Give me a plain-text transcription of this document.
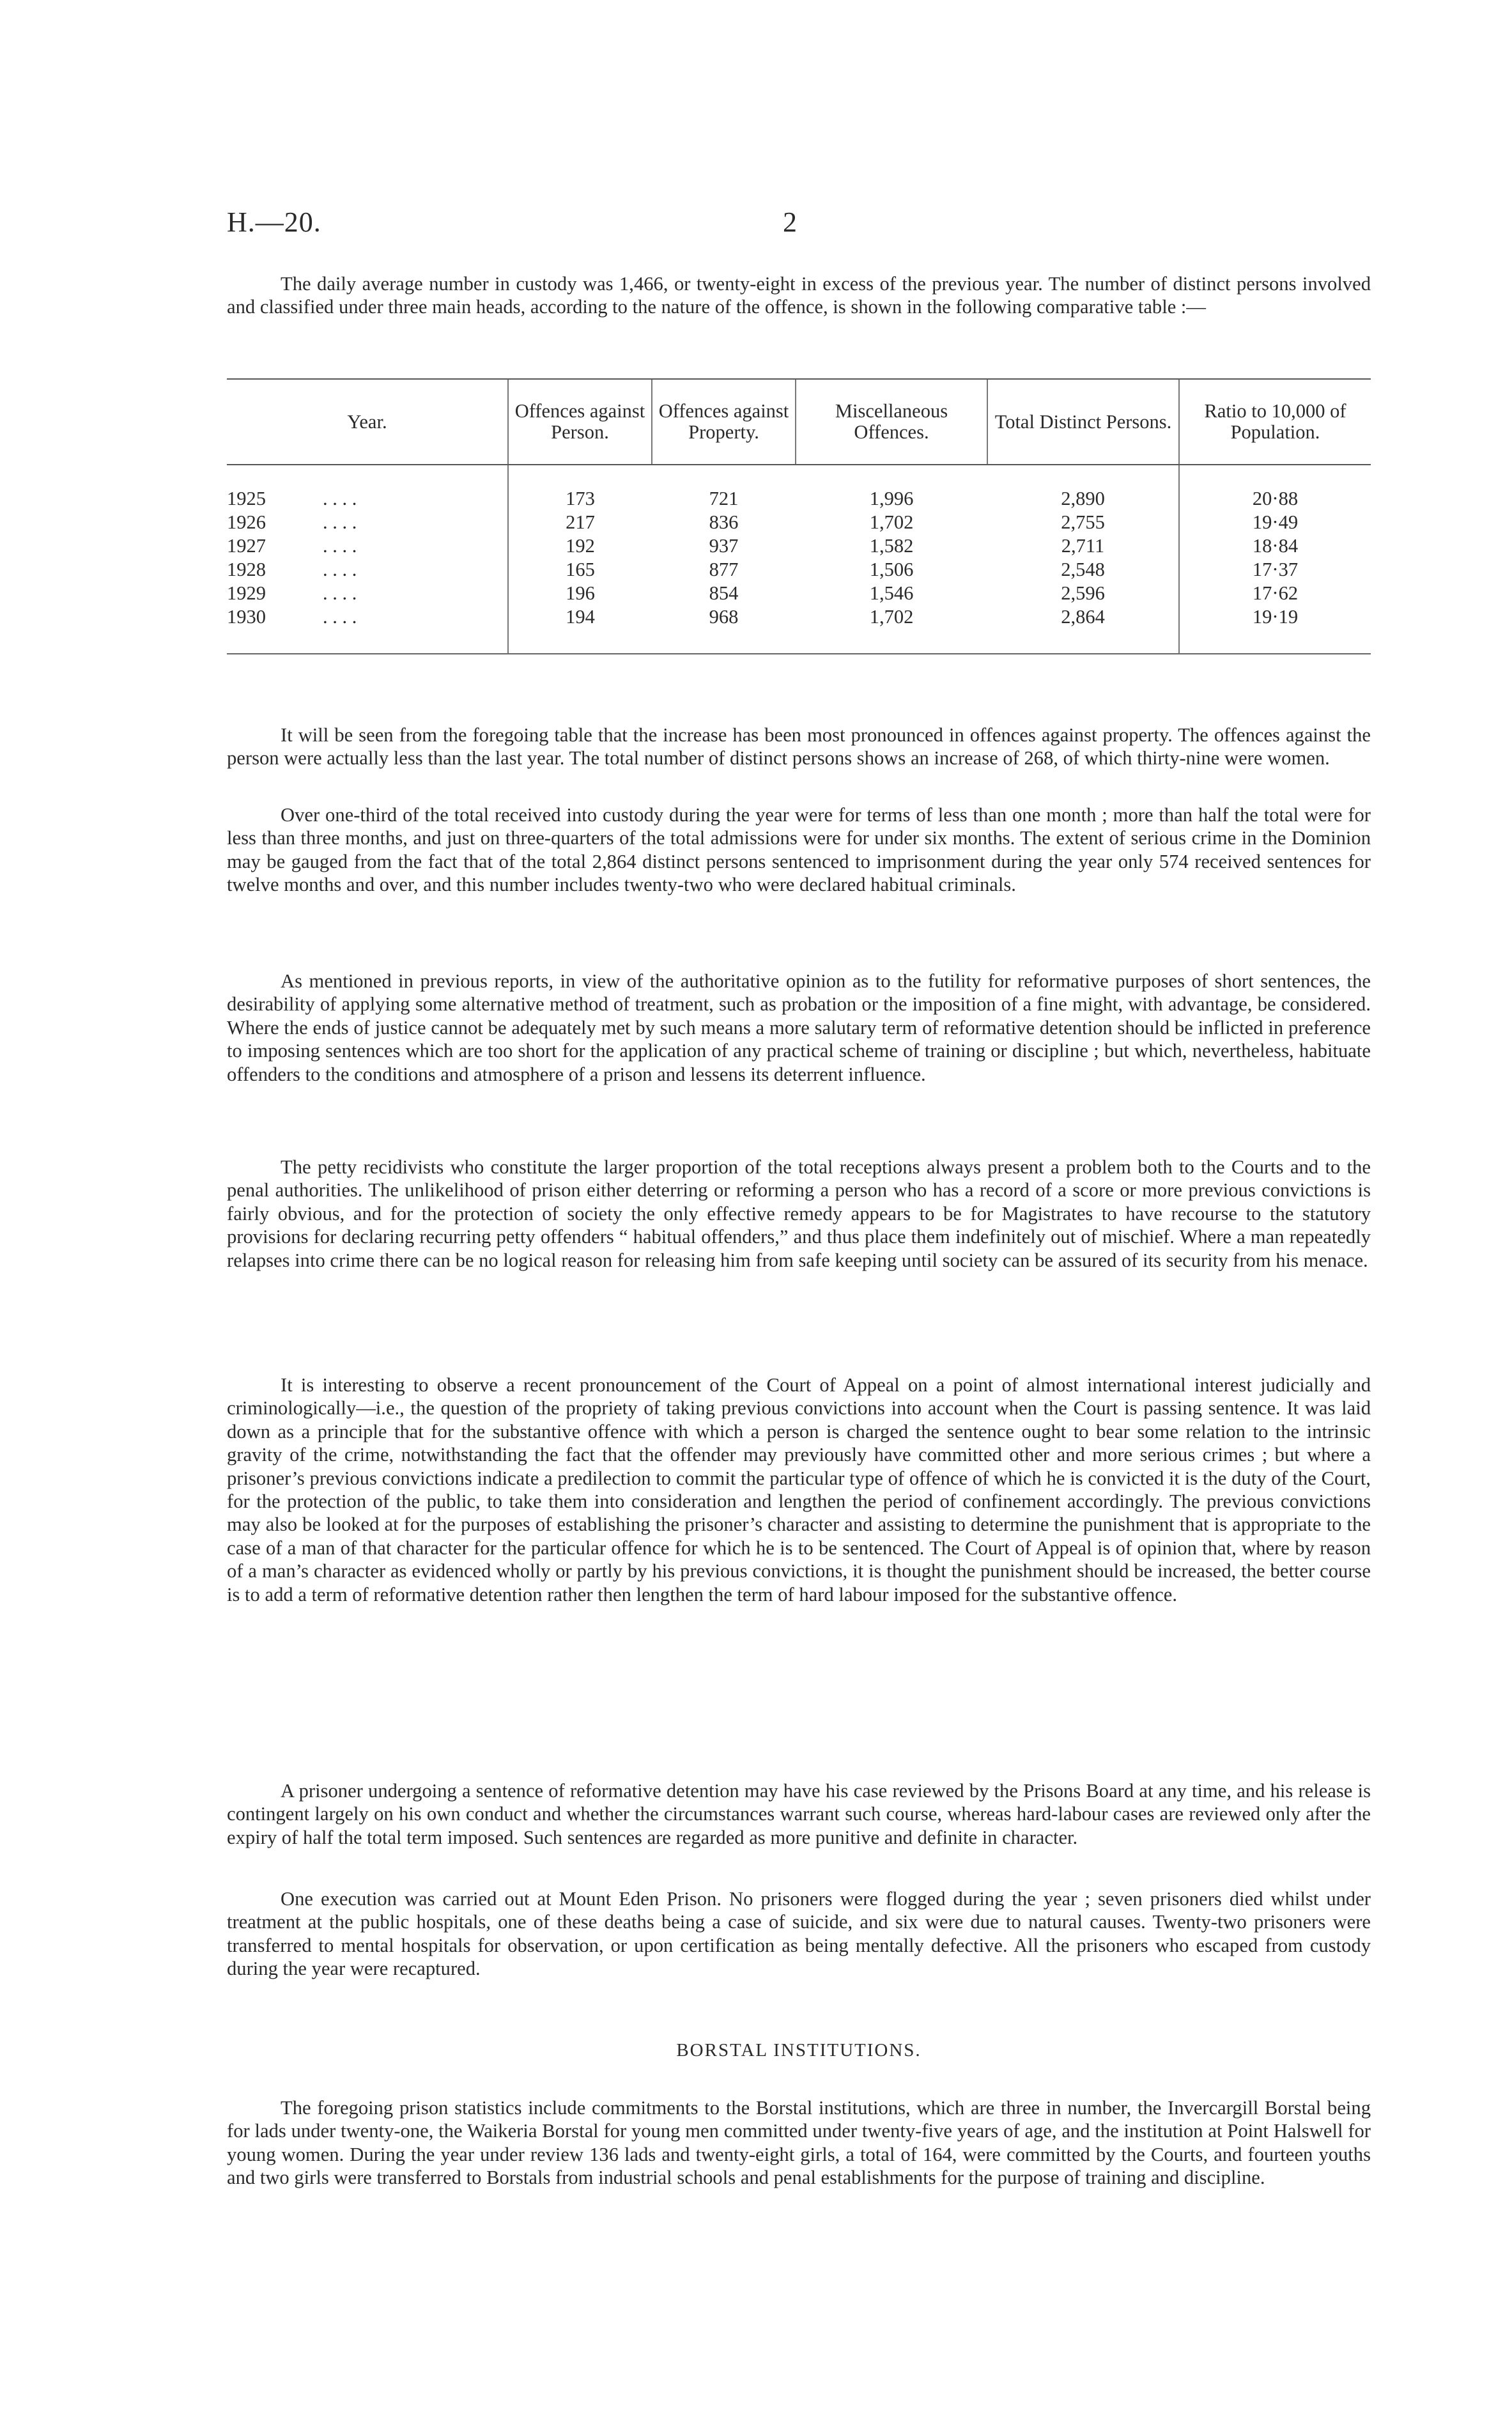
H.—20.	2

The daily average number in custody was 1,466, or twenty-eight in excess of the previous year. The number of distinct persons involved and classified under three main heads, according to the nature of the offence, is shown in the following comparative table :—

Year.	Offences against Person.	Offences against Property.	Miscellaneous Offences.	Total Distinct Persons.	Ratio to 10,000 of Population.
1925 . . . .	173	721	1,996	2,890	20·88
1926 . . . .	217	836	1,702	2,755	19·49
1927 . . . .	192	937	1,582	2,711	18·84
1928 . . . .	165	877	1,506	2,548	17·37
1929 . . . .	196	854	1,546	2,596	17·62
1930 . . . .	194	968	1,702	2,864	19·19

It will be seen from the foregoing table that the increase has been most pronounced in offences against property. The offences against the person were actually less than the last year. The total number of distinct persons shows an increase of 268, of which thirty-nine were women.

Over one-third of the total received into custody during the year were for terms of less than one month ; more than half the total were for less than three months, and just on three-quarters of the total admissions were for under six months. The extent of serious crime in the Dominion may be gauged from the fact that of the total 2,864 distinct persons sentenced to imprisonment during the year only 574 received sentences for twelve months and over, and this number includes twenty-two who were declared habitual criminals.

As mentioned in previous reports, in view of the authoritative opinion as to the futility for reformative purposes of short sentences, the desirability of applying some alternative method of treatment, such as probation or the imposition of a fine might, with advantage, be considered. Where the ends of justice cannot be adequately met by such means a more salutary term of reformative detention should be inflicted in preference to imposing sentences which are too short for the application of any practical scheme of training or discipline ; but which, nevertheless, habituate offenders to the conditions and atmosphere of a prison and lessens its deterrent influence.

The petty recidivists who constitute the larger proportion of the total receptions always present a problem both to the Courts and to the penal authorities. The unlikelihood of prison either deterring or reforming a person who has a record of a score or more previous convictions is fairly obvious, and for the protection of society the only effective remedy appears to be for Magistrates to have recourse to the statutory provisions for declaring recurring petty offenders “ habitual offenders,” and thus place them indefinitely out of mischief. Where a man repeatedly relapses into crime there can be no logical reason for releasing him from safe keeping until society can be assured of its security from his menace.

It is interesting to observe a recent pronouncement of the Court of Appeal on a point of almost international interest judicially and criminologically—i.e., the question of the propriety of taking previous convictions into account when the Court is passing sentence. It was laid down as a principle that for the substantive offence with which a person is charged the sentence ought to bear some relation to the intrinsic gravity of the crime, notwithstanding the fact that the offender may previously have committed other and more serious crimes ; but where a prisoner’s previous convictions indicate a predilection to commit the particular type of offence of which he is convicted it is the duty of the Court, for the protection of the public, to take them into consideration and lengthen the period of confinement accordingly. The previous convictions may also be looked at for the purposes of establishing the prisoner’s character and assisting to determine the punishment that is appropriate to the case of a man of that character for the particular offence for which he is to be sentenced. The Court of Appeal is of opinion that, where by reason of a man’s character as evidenced wholly or partly by his previous convictions, it is thought the punishment should be increased, the better course is to add a term of reformative detention rather then lengthen the term of hard labour imposed for the substantive offence.

A prisoner undergoing a sentence of reformative detention may have his case reviewed by the Prisons Board at any time, and his release is contingent largely on his own conduct and whether the circumstances warrant such course, whereas hard-labour cases are reviewed only after the expiry of half the total term imposed. Such sentences are regarded as more punitive and definite in character.

One execution was carried out at Mount Eden Prison. No prisoners were flogged during the year ; seven prisoners died whilst under treatment at the public hospitals, one of these deaths being a case of suicide, and six were due to natural causes. Twenty-two prisoners were transferred to mental hospitals for observation, or upon certification as being mentally defective. All the prisoners who escaped from custody during the year were recaptured.

BORSTAL INSTITUTIONS.

The foregoing prison statistics include commitments to the Borstal institutions, which are three in number, the Invercargill Borstal being for lads under twenty-one, the Waikeria Borstal for young men committed under twenty-five years of age, and the institution at Point Halswell for young women. During the year under review 136 lads and twenty-eight girls, a total of 164, were committed by the Courts, and fourteen youths and two girls were transferred to Borstals from industrial schools and penal establishments for the purpose of training and discipline.
